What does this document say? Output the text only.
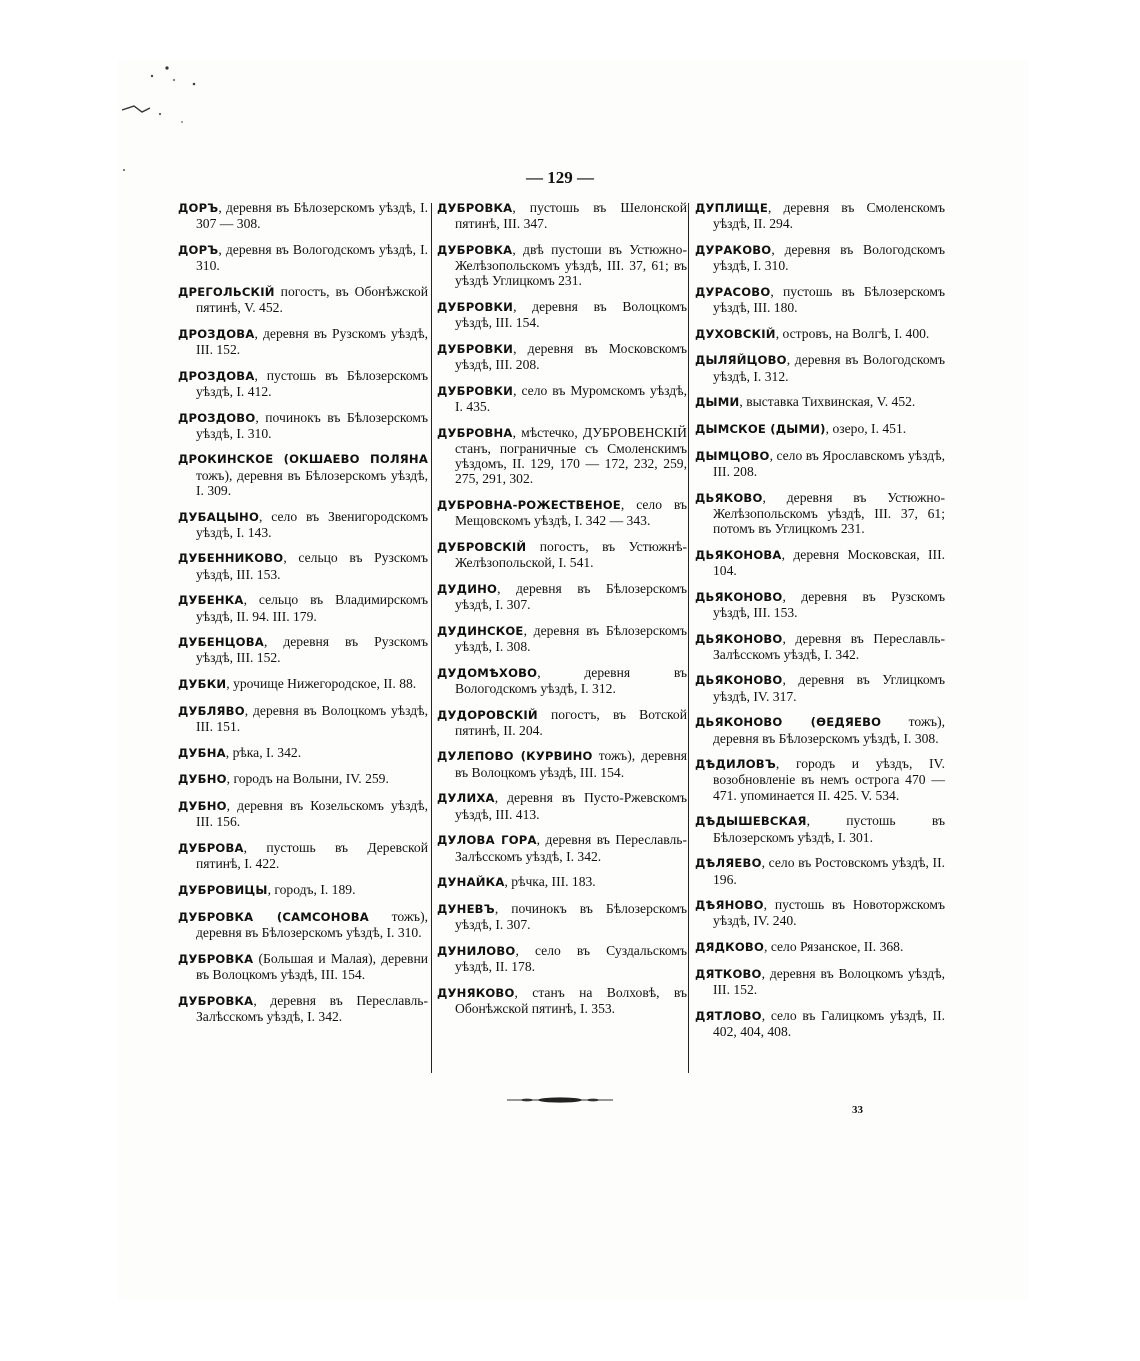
— 129 —

ДОРЪ, деревня въ Бѣлозерскомъ уѣздѣ, I. 307 — 308.

ДОРЪ, деревня въ Вологодскомъ уѣздѣ, I. 310.

ДРЕГОЛЬСКІЙ погостъ, въ Обонѣжской пятинѣ, V. 452.

ДРОЗДОВА, деревня въ Рузскомъ уѣздѣ, III. 152.

ДРОЗДОВА, пустошь въ Бѣлозерскомъ уѣздѣ, I. 412.

ДРОЗДОВО, починокъ въ Бѣлозерскомъ уѣздѣ, I. 310.

ДРОКИНСКОЕ (ОКШАЕВО ПОЛЯНА тожъ), деревня въ Бѣлозерскомъ уѣздѣ, I. 309.

ДУБАЦЫНО, село въ Звенигородскомъ уѣздѣ, I. 143.

ДУБЕННИКОВО, сельцо въ Рузскомъ уѣздѣ, III. 153.

ДУБЕНКА, сельцо въ Владимирскомъ уѣздѣ, II. 94. III. 179.

ДУБЕНЦОВА, деревня въ Рузскомъ уѣздѣ, III. 152.

ДУБКИ, урочище Нижегородское, II. 88.

ДУБЛЯВО, деревня въ Волоцкомъ уѣздѣ, III. 151.

ДУБНА, рѣка, I. 342.

ДУБНО, городъ на Волыни, IV. 259.

ДУБНО, деревня въ Козельскомъ уѣздѣ, III. 156.

ДУБРОВА, пустошь въ Деревской пятинѣ, I. 422.

ДУБРОВИЦЫ, городъ, I. 189.

ДУБРОВКА (САМСОНОВА тожъ), деревня въ Бѣлозерскомъ уѣздѣ, I. 310.

ДУБРОВКА (Большая и Малая), деревни въ Волоцкомъ уѣздѣ, III. 154.

ДУБРОВКА, деревня въ Переславль-Залѣсскомъ уѣздѣ, I. 342.

ДУБРОВКА, пустошь въ Шелонской пятинѣ, III. 347.

ДУБРОВКА, двѣ пустоши въ Устюжно-Желѣзопольскомъ уѣздѣ, III. 37, 61; въ уѣздѣ Углицкомъ 231.

ДУБРОВКИ, деревня въ Волоцкомъ уѣздѣ, III. 154.

ДУБРОВКИ, деревня въ Московскомъ уѣздѣ, III. 208.

ДУБРОВКИ, село въ Муромскомъ уѣздѣ, I. 435.

ДУБРОВНА, мѣстечко, ДУБРОВЕНСКІЙ станъ, пограничные съ Смоленскимъ уѣздомъ, II. 129, 170 — 172, 232, 259, 275, 291, 302.

ДУБРОВНА-РОЖЕСТВЕНОЕ, село въ Мещовскомъ уѣздѣ, I. 342 — 343.

ДУБРОВСКІЙ погостъ, въ Устюжнѣ-Желѣзопольской, I. 541.

ДУДИНО, деревня въ Бѣлозерскомъ уѣздѣ, I. 307.

ДУДИНСКОЕ, деревня въ Бѣлозерскомъ уѣздѣ, I. 308.

ДУДОМѢХОВО, деревня въ Вологодскомъ уѣздѣ, I. 312.

ДУДОРОВСКІЙ погостъ, въ Вотской пятинѣ, II. 204.

ДУЛЕПОВО (КУРВИНО тожъ), деревня въ Волоцкомъ уѣздѣ, III. 154.

ДУЛИХА, деревня въ Пусто-Ржевскомъ уѣздѣ, III. 413.

ДУЛОВА ГОРА, деревня въ Переславль-Залѣсскомъ уѣздѣ, I. 342.

ДУНАЙКА, рѣчка, III. 183.

ДУНЕВЪ, починокъ въ Бѣлозерскомъ уѣздѣ, I. 307.

ДУНИЛОВО, село въ Суздальскомъ уѣздѣ, II. 178.

ДУНЯКОВО, станъ на Волховѣ, въ Обонѣжской пятинѣ, I. 353.

ДУПЛИЩЕ, деревня въ Смоленскомъ уѣздѣ, II. 294.

ДУРАКОВО, деревня въ Вологодскомъ уѣздѣ, I. 310.

ДУРАСОВО, пустошь въ Бѣлозерскомъ уѣздѣ, III. 180.

ДУХОВСКІЙ, островъ, на Волгѣ, I. 400.

ДЫЛЯЙЦОВО, деревня въ Вологодскомъ уѣздѣ, I. 312.

ДЫМИ, выставка Тихвинская, V. 452.

ДЫМСКОЕ (ДЫМИ), озеро, I. 451.

ДЫМЦОВО, село въ Ярославскомъ уѣздѣ, III. 208.

ДЬЯКОВО, деревня въ Устюжно-Желѣзопольскомъ уѣздѣ, III. 37, 61; потомъ въ Углицкомъ 231.

ДЬЯКОНОВА, деревня Московская, III. 104.

ДЬЯКОНОВО, деревня въ Рузскомъ уѣздѣ, III. 153.

ДЬЯКОНОВО, деревня въ Переславль-Залѣсскомъ уѣздѣ, I. 342.

ДЬЯКОНОВО, деревня въ Углицкомъ уѣздѣ, IV. 317.

ДЬЯКОНОВО (ѲЕДЯЕВО тожъ), деревня въ Бѣлозерскомъ уѣздѣ, I. 308.

ДѢДИЛОВЪ, городъ и уѣздъ, IV. возобновленіе въ немъ острога 470 — 471. упоминается II. 425. V. 534.

ДѢДЫШЕВСКАЯ, пустошь въ Бѣлозерскомъ уѣздѣ, I. 301.

ДѢЛЯЕВО, село въ Ростовскомъ уѣздѣ, II. 196.

ДѢЯНОВО, пустошь въ Новоторжскомъ уѣздѣ, IV. 240.

ДЯДКОВО, село Рязанское, II. 368.

ДЯТКОВО, деревня въ Волоцкомъ уѣздѣ, III. 152.

ДЯТЛОВО, село въ Галицкомъ уѣздѣ, II. 402, 404, 408.

33
